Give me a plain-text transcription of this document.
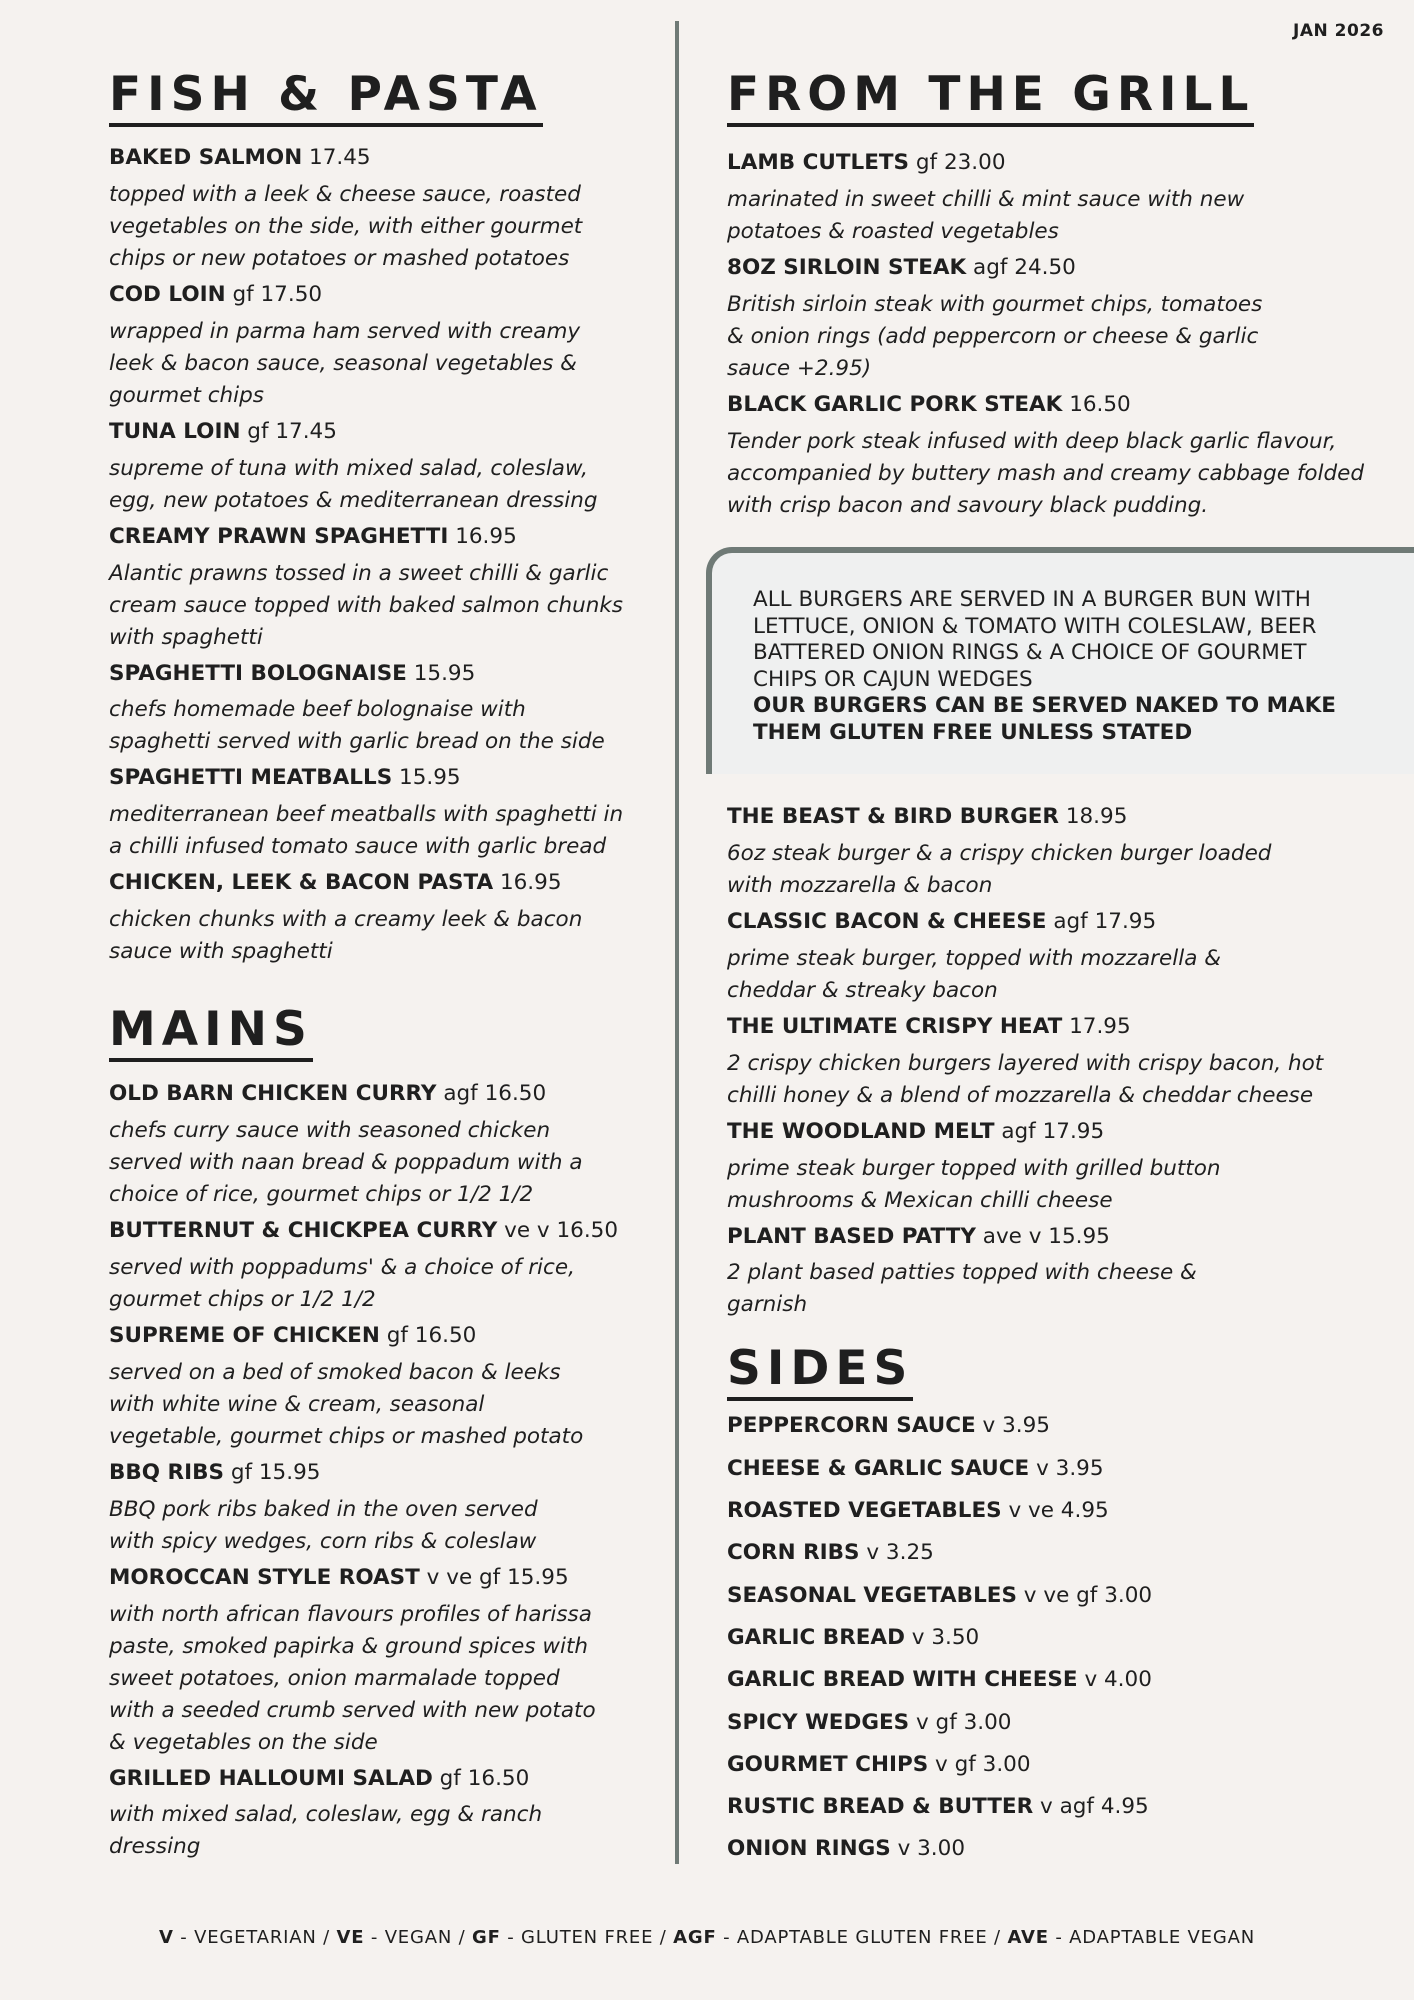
JAN 2026
FISH & PASTA
BAKED SALMON 17.45
topped with a leek & cheese sauce, roasted
vegetables on the side, with either gourmet
chips or new potatoes or mashed potatoes
COD LOIN gf 17.50
wrapped in parma ham served with creamy
leek & bacon sauce, seasonal vegetables &
gourmet chips
TUNA LOIN gf 17.45
supreme of tuna with mixed salad, coleslaw,
egg, new potatoes & mediterranean dressing
CREAMY PRAWN SPAGHETTI 16.95
Alantic prawns tossed in a sweet chilli & garlic
cream sauce topped with baked salmon chunks
with spaghetti
SPAGHETTI BOLOGNAISE 15.95
chefs homemade beef bolognaise with
spaghetti served with garlic bread on the side
SPAGHETTI MEATBALLS 15.95
mediterranean beef meatballs with spaghetti in
a chilli infused tomato sauce with garlic bread
CHICKEN, LEEK & BACON PASTA 16.95
chicken chunks with a creamy leek & bacon
sauce with spaghetti
MAINS
OLD BARN CHICKEN CURRY agf 16.50
chefs curry sauce with seasoned chicken
served with naan bread & poppadum with a
choice of rice, gourmet chips or 1/2 1/2
BUTTERNUT & CHICKPEA CURRY ve v 16.50
served with poppadums' & a choice of rice,
gourmet chips or 1/2 1/2
SUPREME OF CHICKEN gf 16.50
served on a bed of smoked bacon & leeks
with white wine & cream, seasonal
vegetable, gourmet chips or mashed potato
BBQ RIBS gf 15.95
BBQ pork ribs baked in the oven served
with spicy wedges, corn ribs & coleslaw
MOROCCAN STYLE ROAST v ve gf 15.95
with north african flavours profiles of harissa
paste, smoked papirka & ground spices with
sweet potatoes, onion marmalade topped
with a seeded crumb served with new potato
& vegetables on the side
GRILLED HALLOUMI SALAD gf 16.50
with mixed salad, coleslaw, egg & ranch
dressing
FROM THE GRILL
LAMB CUTLETS gf 23.00
marinated in sweet chilli & mint sauce with new
potatoes & roasted vegetables
8OZ SIRLOIN STEAK agf 24.50
British sirloin steak with gourmet chips, tomatoes
& onion rings (add peppercorn or cheese & garlic
sauce +2.95)
BLACK GARLIC PORK STEAK 16.50
Tender pork steak infused with deep black garlic flavour,
accompanied by buttery mash and creamy cabbage folded
with crisp bacon and savoury black pudding.
ALL BURGERS ARE SERVED IN A BURGER BUN WITH
LETTUCE, ONION & TOMATO WITH COLESLAW, BEER
BATTERED ONION RINGS & A CHOICE OF GOURMET
CHIPS OR CAJUN WEDGES
OUR BURGERS CAN BE SERVED NAKED TO MAKE
THEM GLUTEN FREE UNLESS STATED
THE BEAST & BIRD BURGER 18.95
6oz steak burger & a crispy chicken burger loaded
with mozzarella & bacon
CLASSIC BACON & CHEESE agf 17.95
prime steak burger, topped with mozzarella &
cheddar & streaky bacon
THE ULTIMATE CRISPY HEAT 17.95
2 crispy chicken burgers layered with crispy bacon, hot
chilli honey & a blend of mozzarella & cheddar cheese
THE WOODLAND MELT agf 17.95
prime steak burger topped with grilled button
mushrooms & Mexican chilli cheese
PLANT BASED PATTY ave v 15.95
2 plant based patties topped with cheese &
garnish
SIDES
PEPPERCORN SAUCE v 3.95
CHEESE & GARLIC SAUCE v 3.95
ROASTED VEGETABLES v ve 4.95
CORN RIBS v 3.25
SEASONAL VEGETABLES v ve gf 3.00
GARLIC BREAD v 3.50
GARLIC BREAD WITH CHEESE v 4.00
SPICY WEDGES v gf 3.00
GOURMET CHIPS v gf 3.00
RUSTIC BREAD & BUTTER v agf 4.95
ONION RINGS v 3.00
V - VEGETARIAN / VE - VEGAN / GF - GLUTEN FREE / AGF - ADAPTABLE GLUTEN FREE / AVE - ADAPTABLE VEGAN
